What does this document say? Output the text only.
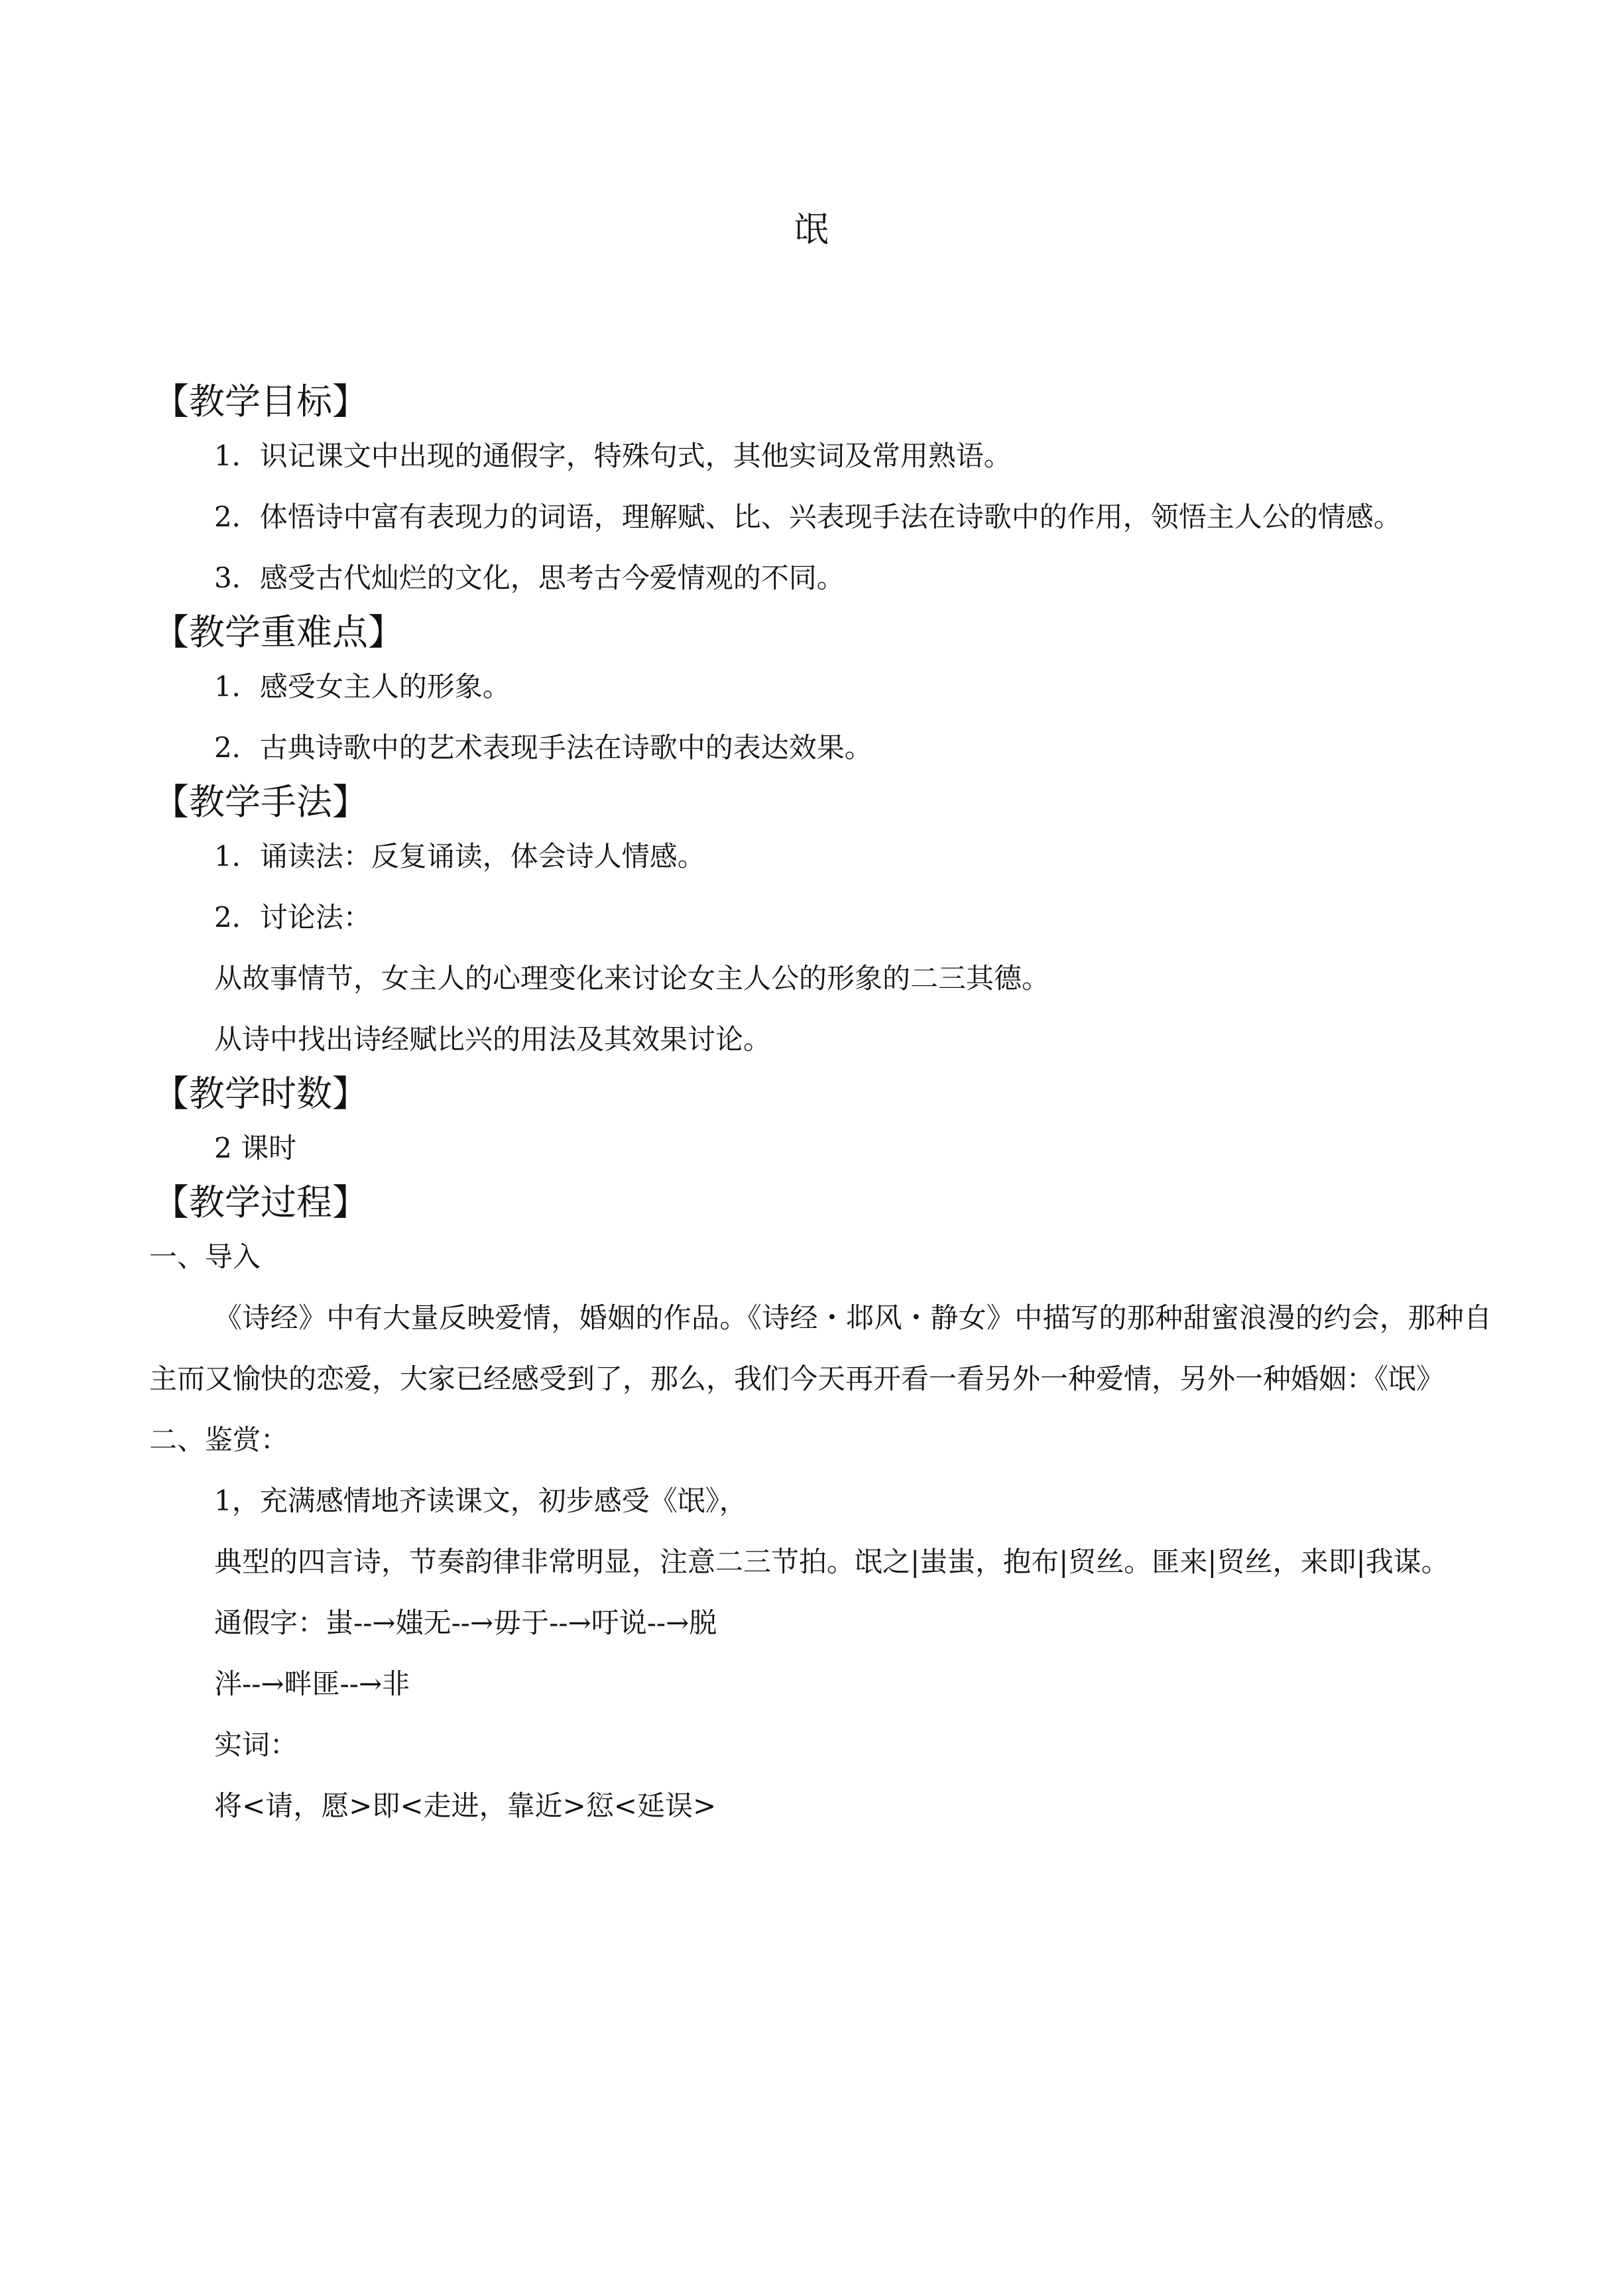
氓
【教学目标】
1．识记课文中出现的通假字，特殊句式，其他实词及常用熟语。
2．体悟诗中富有表现力的词语，理解赋、比、兴表现手法在诗歌中的作用，领悟主人公的情感。
3．感受古代灿烂的文化，思考古今爱情观的不同。
【教学重难点】
1．感受女主人的形象。
2．古典诗歌中的艺术表现手法在诗歌中的表达效果。
【教学手法】
1．诵读法：反复诵读，体会诗人情感。
2．讨论法：
从故事情节，女主人的心理变化来讨论女主人公的形象的二三其德。
从诗中找出诗经赋比兴的用法及其效果讨论。
【教学时数】
2 课时
【教学过程】
一、导入
《诗经》中有大量反映爱情，婚姻的作品。《诗经・邶风・静女》中描写的那种甜蜜浪漫的约会，那种自主而又愉快的恋爱，大家已经感受到了，那么，我们今天再开看一看另外一种爱情，另外一种婚姻：《氓》
二、鉴赏：
1，充满感情地齐读课文，初步感受《氓》，
典型的四言诗，节奏韵律非常明显，注意二三节拍。氓之|蚩蚩，抱布|贸丝。匪来|贸丝，来即|我谋。
通假字：蚩--→媸无--→毋于--→吁说--→脱
泮--→畔匪--→非
实词：
将<请，愿>即<走进，靠近>愆<延误>
